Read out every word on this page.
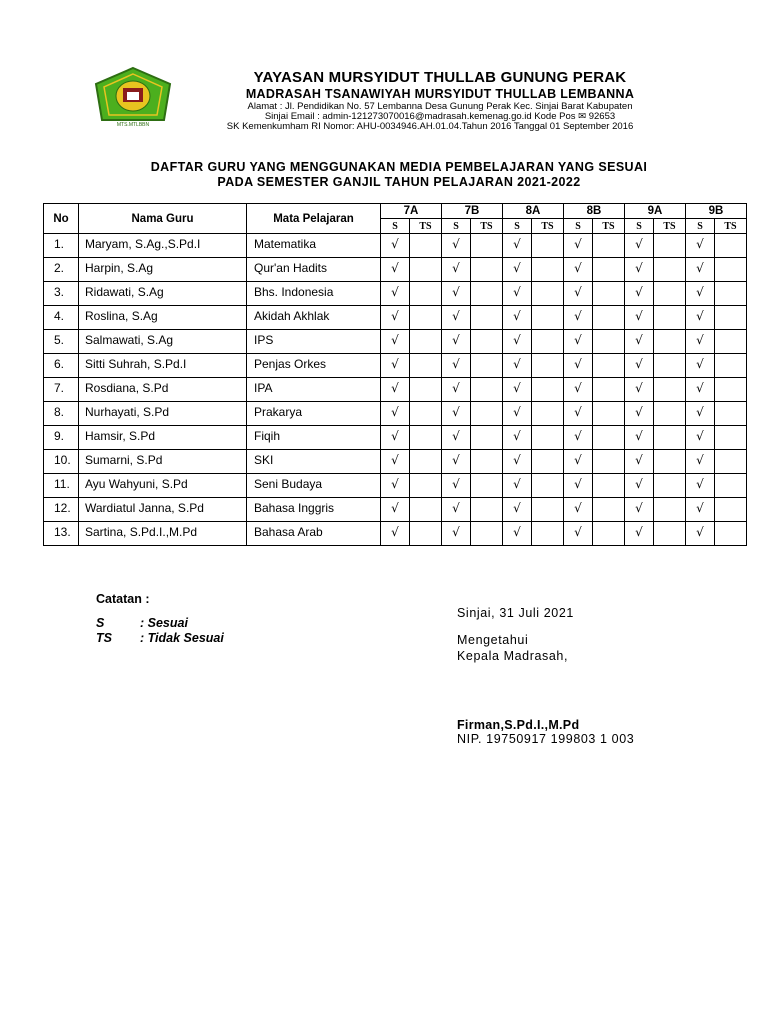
MTS.MTLBBN
YAYASAN MURSYIDUT THULLAB GUNUNG PERAK
MADRASAH TSANAWIYAH MURSYIDUT THULLAB LEMBANNA
Alamat : Jl. Pendidikan No. 57 Lembanna Desa Gunung Perak Kec. Sinjai Barat Kabupaten
Sinjai Email : admin-121273070016@madrasah.kemenag.go.id Kode Pos ✉ 92653
SK Kemenkumham RI Nomor: AHU-0034946.AH.01.04.Tahun 2016 Tanggal 01 September 2016
DAFTAR GURU YANG MENGGUNAKAN MEDIA PEMBELAJARAN YANG SESUAI
PADA SEMESTER GANJIL TAHUN PELAJARAN 2021-2022
No	Nama Guru	Mata Pelajaran	7A		7B		8A		8B		9A		9B	
			S	TS	S	TS	S	TS	S	TS	S	TS	S	TS
1.	Maryam, S.Ag.,S.Pd.I	Matematika	√		√		√		√		√		√	
2.	Harpin, S.Ag	Qur'an Hadits	√		√		√		√		√		√	
3.	Ridawati, S.Ag	Bhs. Indonesia	√		√		√		√		√		√	
4.	Roslina, S.Ag	Akidah Akhlak	√		√		√		√		√		√	
5.	Salmawati, S.Ag	IPS	√		√		√		√		√		√	
6.	Sitti Suhrah, S.Pd.I	Penjas Orkes	√		√		√		√		√		√	
7.	Rosdiana, S.Pd	IPA	√		√		√		√		√		√	
8.	Nurhayati, S.Pd	Prakarya	√		√		√		√		√		√	
9.	Hamsir, S.Pd	Fiqih	√		√		√		√		√		√	
10.	Sumarni, S.Pd	SKI	√		√		√		√		√		√	
11.	Ayu Wahyuni, S.Pd	Seni Budaya	√		√		√		√		√		√	
12.	Wardiatul Janna, S.Pd	Bahasa Inggris	√		√		√		√		√		√	
13.	Sartina, S.Pd.I.,M.Pd	Bahasa Arab	√		√		√		√		√		√	
Catatan :
S	: Sesuai
TS : Tidak Sesuai
Sinjai, 31 Juli 2021
Mengetahui
Kepala Madrasah,
Firman,S.Pd.I.,M.Pd
NIP. 19750917 199803 1 003
